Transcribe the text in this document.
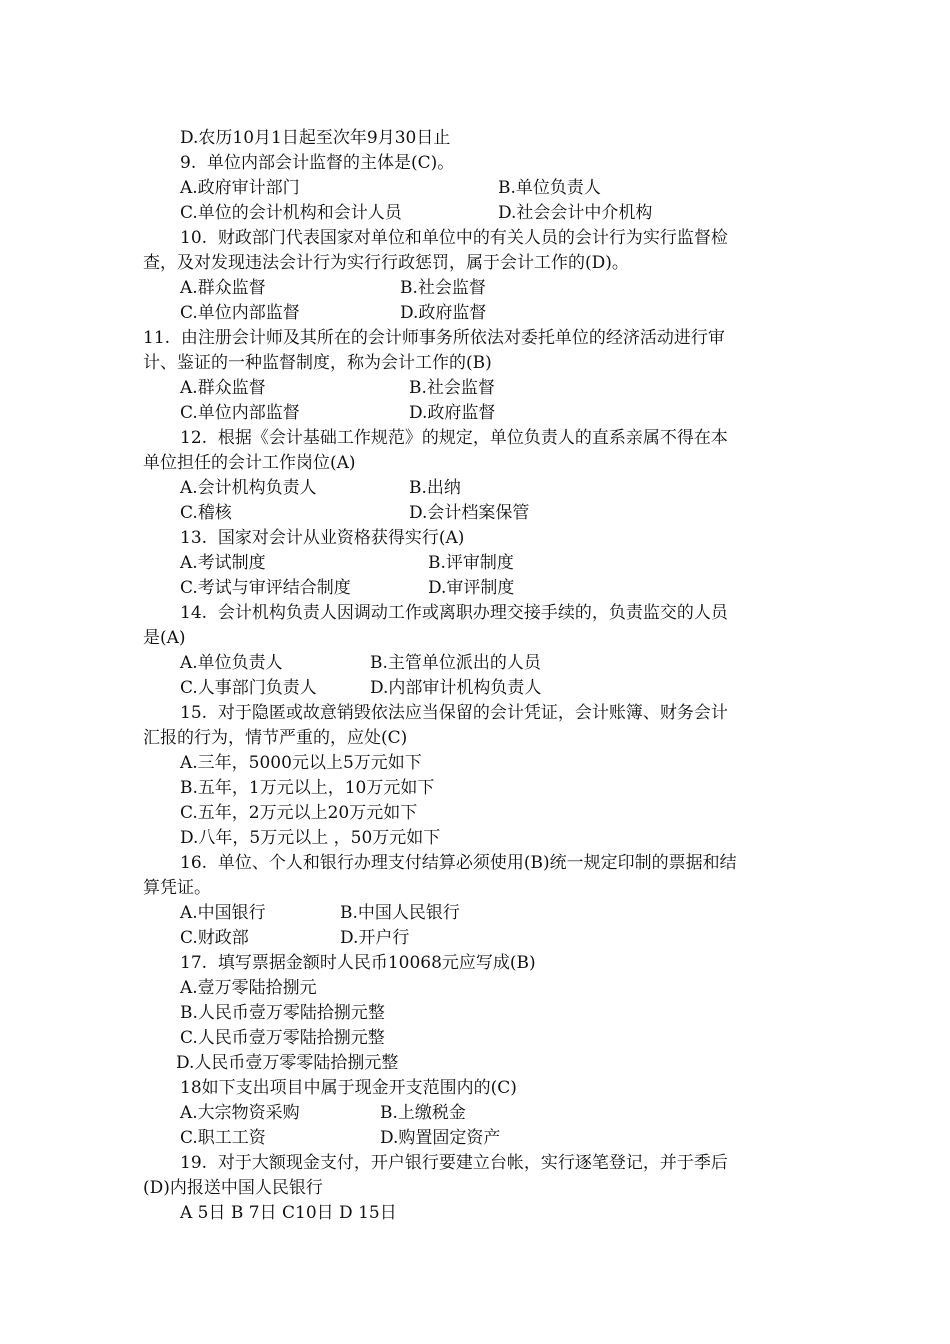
D.农历10月1日起至次年9月30日止
9.  单位内部会计监督的主体是(C)。
A.政府审计部门	B.单位负责人
C.单位的会计机构和会计人员	D.社会会计中介机构
10.  财政部门代表国家对单位和单位中的有关人员的会计行为实行监督检
查，及对发现违法会计行为实行行政惩罚，属于会计工作的(D)。
A.群众监督	B.社会监督
C.单位内部监督	D.政府监督
11.  由注册会计师及其所在的会计师事务所依法对委托单位的经济活动进行审
计、鉴证的一种监督制度，称为会计工作的(B)
A.群众监督	B.社会监督
C.单位内部监督	D.政府监督
12.  根据《会计基础工作规范》的规定，单位负责人的直系亲属不得在本
单位担任的会计工作岗位(A)
A.会计机构负责人	B.出纳
C.稽核	D.会计档案保管
13.  国家对会计从业资格获得实行(A)
A.考试制度	B.评审制度
C.考试与审评结合制度	D.审评制度
14.  会计机构负责人因调动工作或离职办理交接手续的，负责监交的人员
是(A)
A.单位负责人	B.主管单位派出的人员
C.人事部门负责人	D.内部审计机构负责人
15.  对于隐匿或故意销毁依法应当保留的会计凭证，会计账簿、财务会计
汇报的行为，情节严重的，应处(C)
A.三年，5000元以上5万元如下
B.五年，1万元以上，10万元如下
C.五年，2万元以上20万元如下
D.八年，5万元以上 ，50万元如下
16.  单位、个人和银行办理支付结算必须使用(B)统一规定印制的票据和结
算凭证。
A.中国银行	B.中国人民银行
C.财政部	D.开户行
17.  填写票据金额时人民币10068元应写成(B)
A.壹万零陆拾捌元
B.人民币壹万零陆拾捌元整
C.人民币壹万零陆拾捌元整
D.人民币壹万零零陆拾捌元整
18如下支出项目中属于现金开支范围内的(C)
A.大宗物资采购	B.上缴税金
C.职工工资	D.购置固定资产
19.  对于大额现金支付，开户银行要建立台帐，实行逐笔登记，并于季后
(D)内报送中国人民银行
A 5日 B 7日 C10日 D 15日
